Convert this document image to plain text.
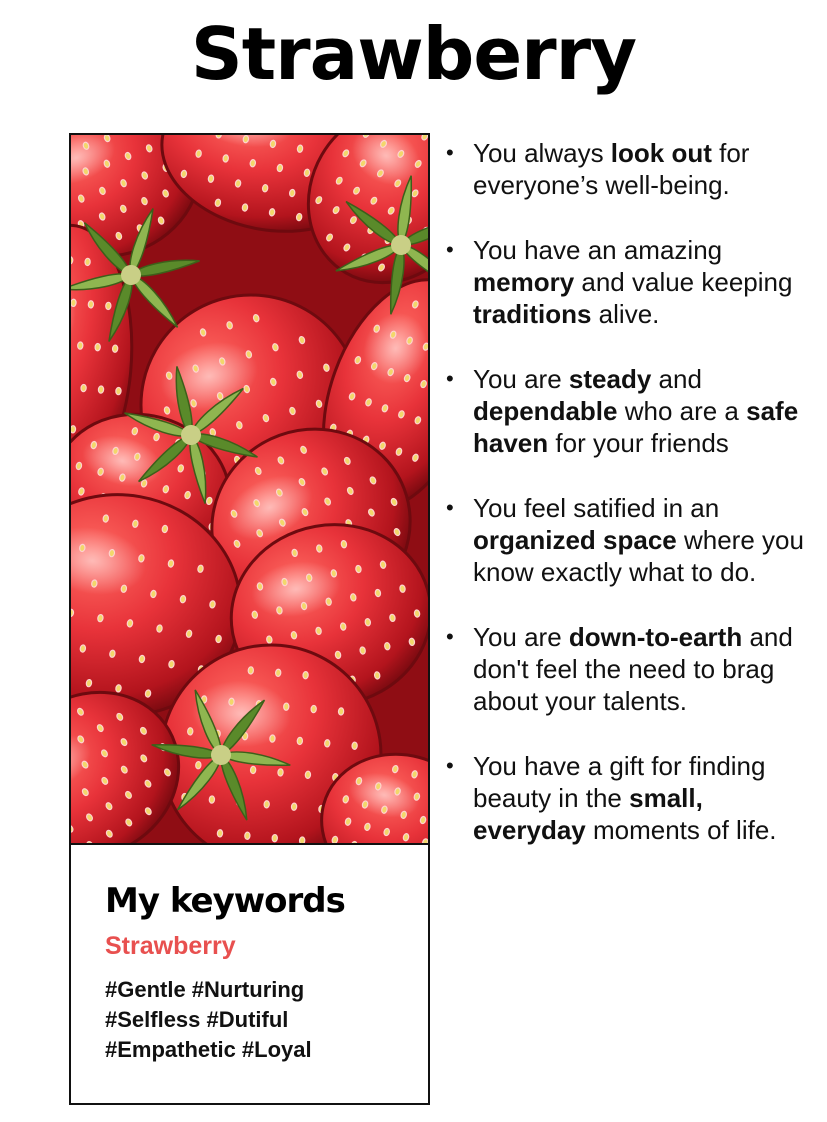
Strawberry
My keywords
Strawberry
#Gentle #Nurturing
#Selfless #Dutiful
#Empathetic #Loyal
• You always look out for everyone’s well-being.
• You have an amazing memory and value keeping traditions alive.
• You are steady and dependable who are a safe haven for your friends
• You feel satified in an organized space where you know exactly what to do.
• You are down-to-earth and don't feel the need to brag about your talents.
• You have a gift for finding beauty in the small, everyday moments of life.
